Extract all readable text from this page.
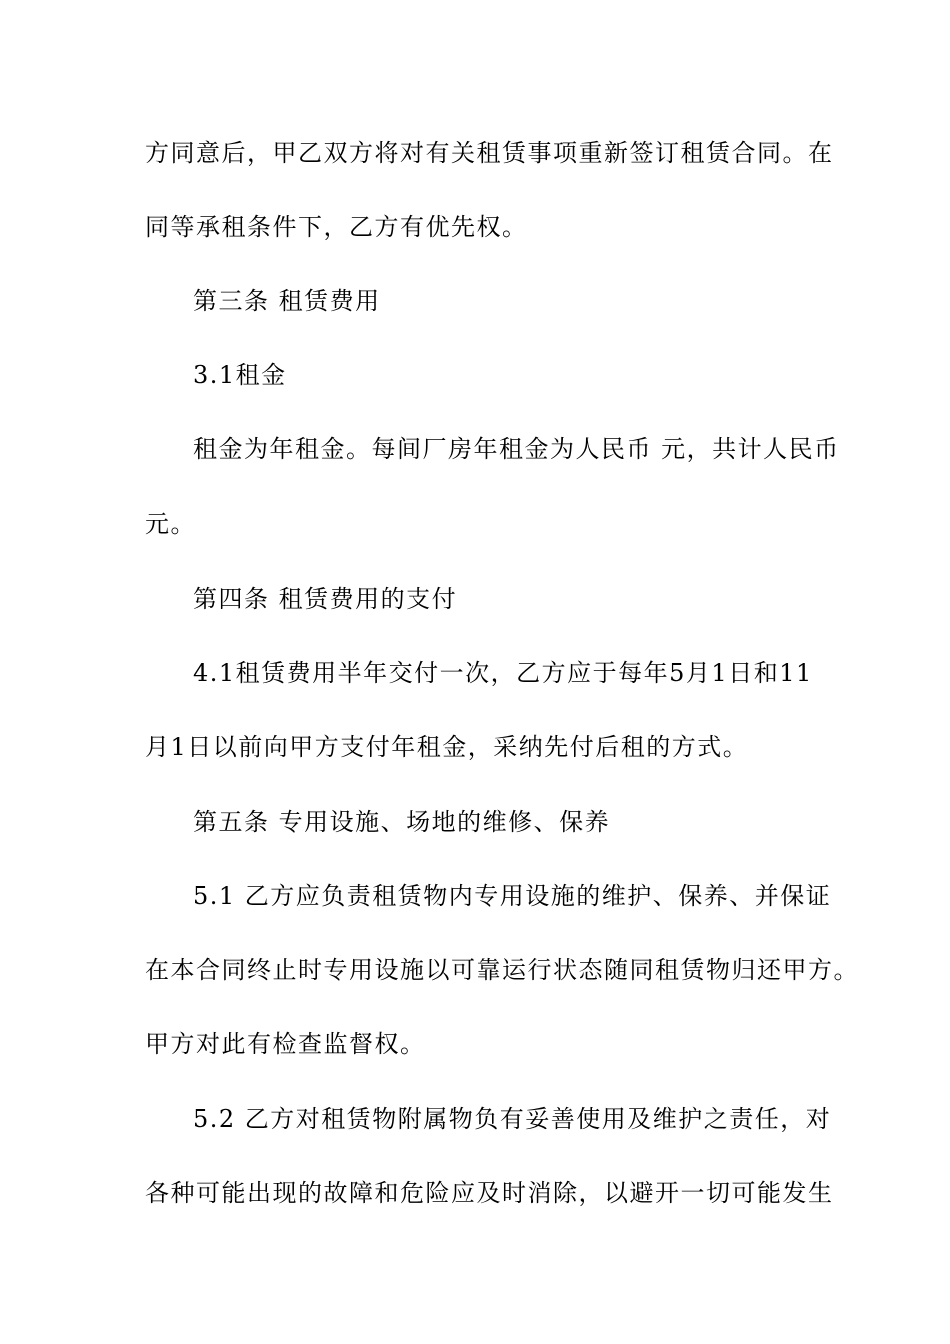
方同意后，甲乙双方将对有关租赁事项重新签订租赁合同。在
同等承租条件下，乙方有优先权。
第三条 租赁费用
3.1租金
租金为年租金。每间厂房年租金为人民币 元，共计人民币
元。
第四条 租赁费用的支付
4.1租赁费用半年交付一次，乙方应于每年5月1日和11
月1日以前向甲方支付年租金，采纳先付后租的方式。
第五条 专用设施、场地的维修、保养
5.1 乙方应负责租赁物内专用设施的维护、保养、并保证
在本合同终止时专用设施以可靠运行状态随同租赁物归还甲方。
甲方对此有检查监督权。
5.2 乙方对租赁物附属物负有妥善使用及维护之责任，对
各种可能出现的故障和危险应及时消除，以避开一切可能发生
